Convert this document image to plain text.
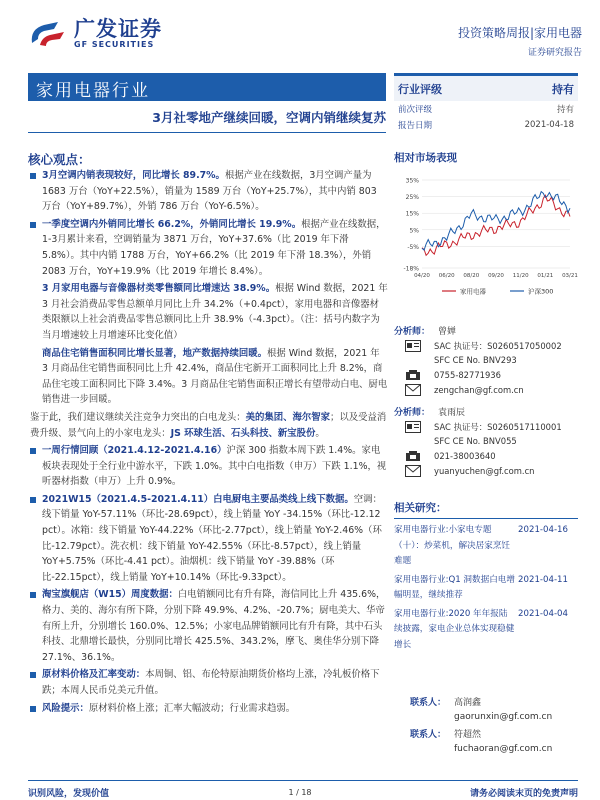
广发证券
GF SECURITIES
投资策略周报|家用电器
证券研究报告
家用电器行业
3月社零地产继续回暖，空调内销继续复苏
行业评级	持有
前次评级	持有
报告日期	2021-04-18
核心观点：
3月空调内销表现较好，同比增长 89.7%。根据产业在线数据，3月空调产量为 1683 万台（YoY+22.5%），销量为 1589 万台（YoY+25.7%），其中内销 803 万台（YoY+89.7%），外销 786 万台（YoY-6.5%）。
一季度空调内外销同比增长 66.2%，外销同比增长 19.9%。根据产业在线数据，1-3月累计来看，空调销量为 3871 万台，YoY+37.6%（比 2019 年下滑 5.8%）。其中内销 1788 万台，YoY+66.2%（比 2019 年下滑 18.3%），外销 2083 万台，YoY+19.9%（比 2019 年增长 8.4%）。
3 月家用电器与音像器材类零售额同比增速达 38.9%。根据 Wind 数据，2021 年 3 月社会消费品零售总额单月同比上升 34.2%（+0.4pct），家用电器和音像器材类限额以上社会消费品零售总额同比上升 38.9%（-4.3pct）。（注：括号内数字为当月增速较上月增速环比变化值）
商品住宅销售面积同比增长显著，地产数据持续回暖。根据 Wind 数据，2021 年 3 月商品住宅销售面积同比上升 42.4%，商品住宅新开工面积同比上升 8.2%，商品住宅竣工面积同比下降 3.4%。3 月商品住宅销售面积正增长有望带动白电、厨电销售进一步回暖。
鉴于此，我们建议继续关注竞争力突出的白电龙头：美的集团、海尔智家；以及受益消费升级、景气向上的小家电龙头：JS 环球生活、石头科技、新宝股份。
一周行情回顾（2021.4.12-2021.4.16）沪深 300 指数本周下跌 1.4%。家电板块表现处于全行业中游水平，下跌 1.0%。其中白电指数（申万）下跌 1.1%，视听器材指数（申万）上升 0.9%。
2021W15（2021.4.5-2021.4.11）白电厨电主要品类线上线下数据。空调：线下销量 YoY-57.11%（环比-28.69pct），线上销量 YoY -34.15%（环比-12.12 pct）。冰箱：线下销量 YoY-44.22%（环比-2.77pct），线上销量 YoY-2.46%（环比-12.79pct）。洗衣机：线下销量 YoY-42.55%（环比-8.57pct），线上销量 YoY+5.75%（环比-4.41 pct）。油烟机：线下销量 YoY -39.88%（环比-22.15pct），线上销量 YoY+10.14%（环比-9.33pct）。
淘宝旗舰店（W15）周度数据：白电销额同比有升有降，海信同比上升 435.6%，格力、美的、海尔有所下降，分别下降 49.9%、4.2%、-20.7%；厨电美大、华帝有所上升，分别增长 160.0%、12.5%；小家电品牌销额同比有升有降，其中石头科技、北鼎增长最快，分别同比增长 425.5%、343.2%，摩飞、奥佳华分别下降 27.1%、36.1%。
原材料价格及汇率变动：本周铜、铝、布伦特原油期货价格均上涨，冷轧板价格下跌；本周人民币兑美元升值。
风险提示：原材料价格上涨；汇率大幅波动；行业需求趋弱。
相对市场表现
35%
25%
15%
5%
-5%
-18%
04/20 06/20 08/20 09/20 11/20 01/21 03/21
家用电器	沪深300
分析师： 曾婵
SAC 执证号：S0260517050002
SFC CE No. BNV293
0755-82771936
zengchan@gf.com.cn
分析师： 袁雨辰
SAC 执证号：S0260517110001
SFC CE No. BNV055
021-38003640
yuanyuchen@gf.com.cn
相关研究：
家用电器行业:小家电专题（十）：炒菜机，解决居家烹饪难题
2021-04-16
家用电器行业:Q1 洞数据白电增幅明显，继续推荐
2021-04-11
家用电器行业:2020 年年报陆续披露，家电企业总体实现稳健增长
2021-04-04
联系人： 高润鑫
gaorunxin@gf.com.cn
联系人： 符超然
fuchaoran@gf.com.cn
识别风险，发现价值	1 / 18	请务必阅读末页的免责声明
